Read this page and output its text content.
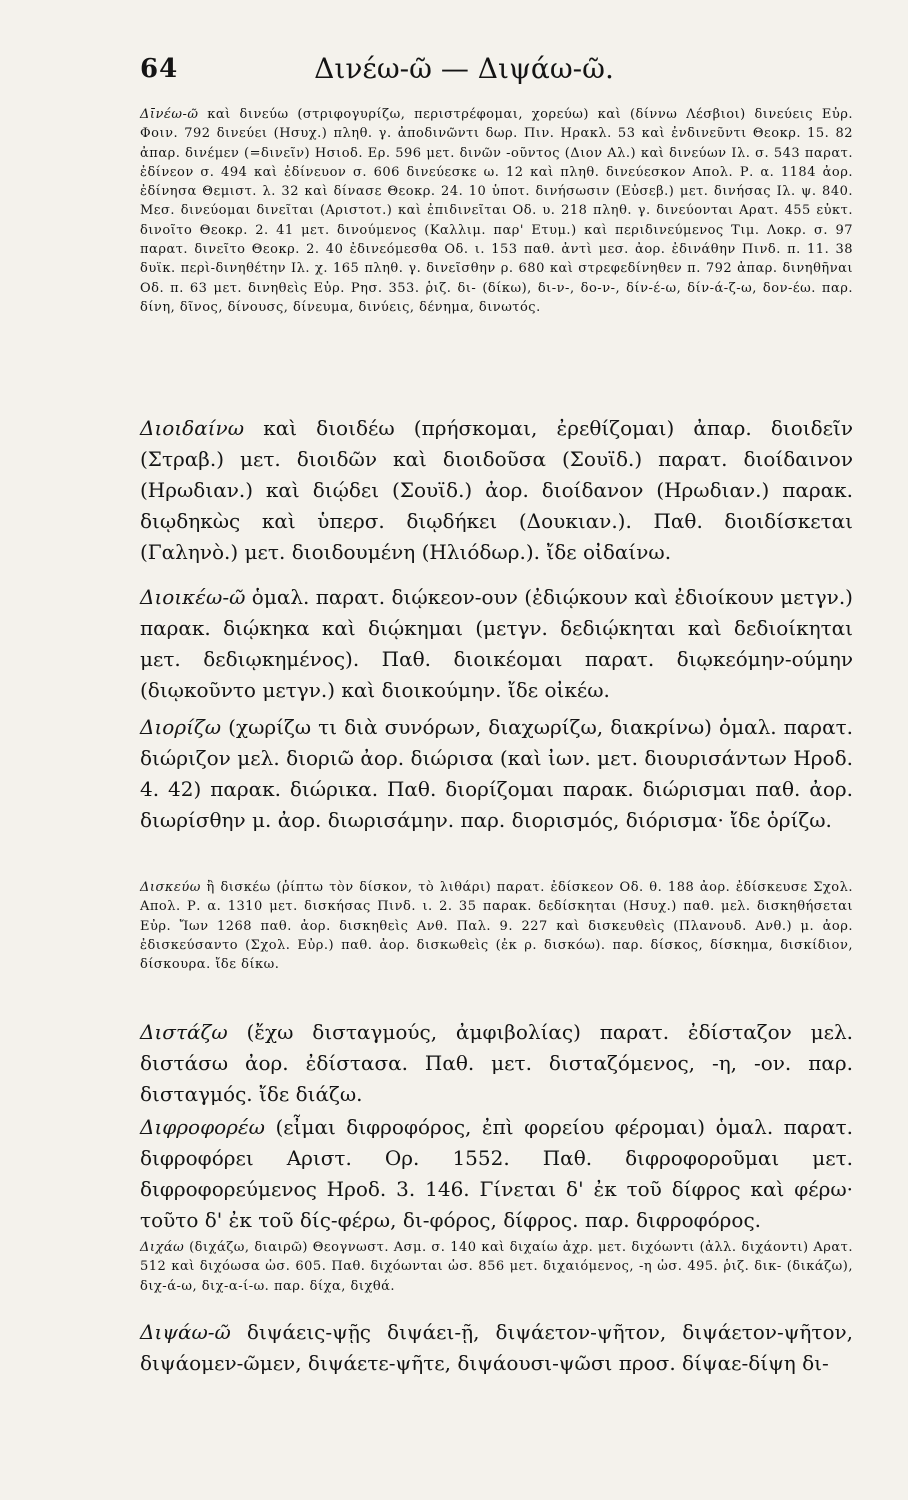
64	Δινέω-ῶ — Διψάω-ῶ.

Δῑνέω-ῶ καὶ δινεύω (στριφογυρίζω, περιστρέφομαι, χορεύω) καὶ (δίννω Λέσβιοι) δινεύεις Εὐρ. Φοιν. 792 δινεύει (Ησυχ.) πληθ. γ. ἀποδινῶντι δωρ. Πιν. Ηρακλ. 53 καὶ ἐνδινεῦντι Θεοκρ. 15. 82 ἀπαρ. δινέμεν (=δινεῖν) Ησιοδ. Ερ. 596 μετ. δινῶν -οῦντος (Διον Αλ.) καὶ δινεύων Ιλ. σ. 543 παρατ. ἐδίνεον σ. 494 καὶ ἐδίνευον σ. 606 δινεύεσκε ω. 12 καὶ πληθ. δινεύεσκον Απολ. Ρ. α. 1184 ἀορ. ἐδίνησα Θεμιστ. λ. 32 καὶ δίνασε Θεοκρ. 24. 10 ὑποτ. δινήσωσιν (Εὐσεβ.) μετ. δινήσας Ιλ. ψ. 840. Μεσ. δινεύομαι δινεῖται (Αριστοτ.) καὶ ἐπιδινεῖται Οδ. υ. 218 πληθ. γ. δινεύονται Αρατ. 455 εὐκτ. δινοῖτο Θεοκρ. 2. 41 μετ. δινούμενος (Καλλιμ. παρ' Ετυμ.) καὶ περιδινεύμενος Τιμ. Λοκρ. σ. 97 παρατ. δινεῖτο Θεοκρ. 2. 40 ἐδινεόμεσθα Οδ. ι. 153 παθ. ἀντὶ μεσ. ἀορ. ἐδινάθην Πινδ. π. 11. 38 δυϊκ. περὶ-δινηθέτην Ιλ. χ. 165 πληθ. γ. δινεῖσθην ρ. 680 καὶ στρεφεδίνηθεν π. 792 ἀπαρ. δινηθῆναι Οδ. π. 63 μετ. δινηθεὶς Εὐρ. Ρησ. 353. ῥιζ. δι- (δίκω), δι-ν-, δο-ν-, δίν-έ-ω, δίν-ά-ζ-ω, δον-έω. παρ. δίνη, δῖνος, δίνουσς, δίνευμα, δινύεις, δένημα, δινωτός.

Διοιδαίνω καὶ διοιδέω (πρήσκομαι, ἐρεθίζομαι) ἀπαρ. διοιδεῖν (Στραβ.) μετ. διοιδῶν καὶ διοιδοῦσα (Σουϊδ.) παρατ. διοίδαινον (Ηρωδιαν.) καὶ διῴδει (Σουϊδ.) ἀορ. διοίδανον (Ηρωδιαν.) παρακ. διῳδηκὼς καὶ ὑπερσ. διῳδήκει (Δουκιαν.). Παθ. διοιδίσκεται (Γαληνὸ.) μετ. διοιδουμένη (Ηλιόδωρ.). ἴδε οἰδαίνω.

Διοικέω-ῶ ὁμαλ. παρατ. διῴκεον-ουν (ἐδιῴκουν καὶ ἐδιοίκουν μετγν.) παρακ. διῴκηκα καὶ διῴκημαι (μετγν. δεδιῴκηται καὶ δεδιοίκηται μετ. δεδιῳκημένος). Παθ. διοικέομαι παρατ. διῳκεόμην-ούμην (διῳκοῦντο μετγν.) καὶ διοικούμην. ἴδε οἰκέω.

Διορίζω (χωρίζω τι διὰ συνόρων, διαχωρίζω, διακρίνω) ὁμαλ. παρατ. διώριζον μελ. διοριῶ ἀορ. διώρισα (καὶ ἰων. μετ. διουρισάντων Ηροδ. 4. 42) παρακ. διώρικα. Παθ. διορίζομαι παρακ. διώρισμαι παθ. ἀορ. διωρίσθην μ. ἀορ. διωρισάμην. παρ. διορισμός, διόρισμα· ἴδε ὁρίζω.

Δισκεύω ἢ δισκέω (ῥίπτω τὸν δίσκον, τὸ λιθάρι) παρατ. ἐδίσκεον Οδ. θ. 188 ἀορ. ἐδίσκευσε Σχολ. Απολ. Ρ. α. 1310 μετ. δισκήσας Πινδ. ι. 2. 35 παρακ. δεδίσκηται (Ησυχ.) παθ. μελ. δισκηθήσεται Εὐρ. Ἴων 1268 παθ. ἀορ. δισκηθεὶς Ανθ. Παλ. 9. 227 καὶ δισκευθεὶς (Πλανουδ. Ανθ.) μ. ἀορ. ἐδισκεύσαντο (Σχολ. Εὐρ.) παθ. ἀορ. δισκωθεὶς (ἐκ ρ. δισκόω). παρ. δίσκος, δίσκημα, δισκίδιον, δίσκουρα. ἴδε δίκω.

Διστάζω (ἔχω δισταγμούς, ἀμφιβολίας) παρατ. ἐδίσταζον μελ. διστάσω ἀορ. ἐδίστασα. Παθ. μετ. δισταζόμενος, -η, -ον. παρ. δισταγμός. ἴδε διάζω.

Διφροφορέω (εἶμαι διφροφόρος, ἐπὶ φορείου φέρομαι) ὁμαλ. παρατ. διφροφόρει Αριστ. Ορ. 1552. Παθ. διφροφοροῦμαι μετ. διφροφορεύμενος Ηροδ. 3. 146. Γίνεται δ' ἐκ τοῦ δίφρος καὶ φέρω· τοῦτο δ' ἐκ τοῦ δίς-φέρω, δι-φόρος, δίφρος. παρ. διφροφόρος.

Διχάω (διχάζω, διαιρῶ) Θεογνωστ. Ασμ. σ. 140 καὶ διχαίω ἀχρ. μετ. διχόωντι (ἀλλ. διχάοντι) Αρατ. 512 καὶ διχόωσα ὡσ. 605. Παθ. διχόωνται ὡσ. 856 μετ. διχαιόμενος, -η ὡσ. 495. ῥιζ. δικ- (δικάζω), διχ-ά-ω, διχ-α-ί-ω. παρ. δίχα, διχθά.

Διψάω-ῶ διψάεις-ψῇς διψάει-ῇ, διψάετον-ψῆτον, διψάετον-ψῆτον, διψάομεν-ῶμεν, διψάετε-ψῆτε, διψάουσι-ψῶσι προσ. δίψαε-δίψη δι-
